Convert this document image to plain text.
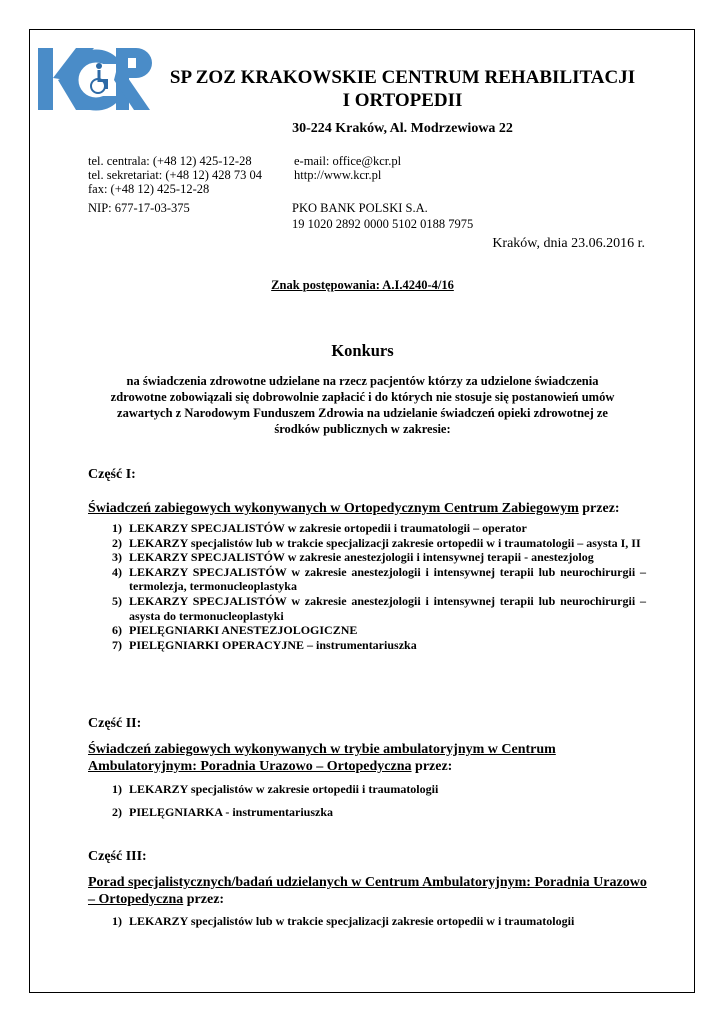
SP ZOZ KRAKOWSKIE CENTRUM REHABILITACJI
I ORTOPEDII
30-224 Kraków, Al. Modrzewiowa 22
tel. centrala: (+48 12) 425-12-28
tel. sekretariat: (+48 12) 428 73 04
fax: (+48 12) 425-12-28
NIP: 677-17-03-375
e-mail: office@kcr.pl
http://www.kcr.pl
PKO BANK POLSKI S.A.
19 1020 2892 0000 5102 0188 7975
Kraków, dnia 23.06.2016 r.
Znak postępowania: A.I.4240-4/16
Konkurs
na świadczenia zdrowotne udzielane na rzecz pacjentów którzy za udzielone świadczenia zdrowotne zobowiązali się dobrowolnie zapłacić i do których nie stosuje się postanowień umów zawartych z Narodowym Funduszem Zdrowia na udzielanie świadczeń opieki zdrowotnej ze środków publicznych w zakresie:
Część I:
Świadczeń zabiegowych wykonywanych w Ortopedycznym Centrum Zabiegowym przez:
1) LEKARZY SPECJALISTÓW w zakresie ortopedii i traumatologii – operator
2) LEKARZY specjalistów lub w trakcie specjalizacji zakresie ortopedii w i traumatologii – asysta I, II
3) LEKARZY SPECJALISTÓW w zakresie anestezjologii i intensywnej terapii - anestezjolog
4) LEKARZY SPECJALISTÓW w zakresie anestezjologii i intensywnej terapii lub neurochirurgii – termolezja, termonucleoplastyka
5) LEKARZY SPECJALISTÓW w zakresie anestezjologii i intensywnej terapii lub neurochirurgii – asysta do termonucleoplastyki
6) PIELĘGNIARKI ANESTEZJOLOGICZNE
7) PIELĘGNIARKI OPERACYJNE – instrumentariuszka
Część II:
Świadczeń zabiegowych wykonywanych w trybie ambulatoryjnym w Centrum Ambulatoryjnym: Poradnia Urazowo – Ortopedyczna przez:
1) LEKARZY specjalistów w zakresie ortopedii i traumatologii
2) PIELĘGNIARKA - instrumentariuszka
Część III:
Porad specjalistycznych/badań udzielanych w Centrum Ambulatoryjnym: Poradnia Urazowo – Ortopedyczna przez:
1) LEKARZY specjalistów lub w trakcie specjalizacji zakresie ortopedii w i traumatologii
